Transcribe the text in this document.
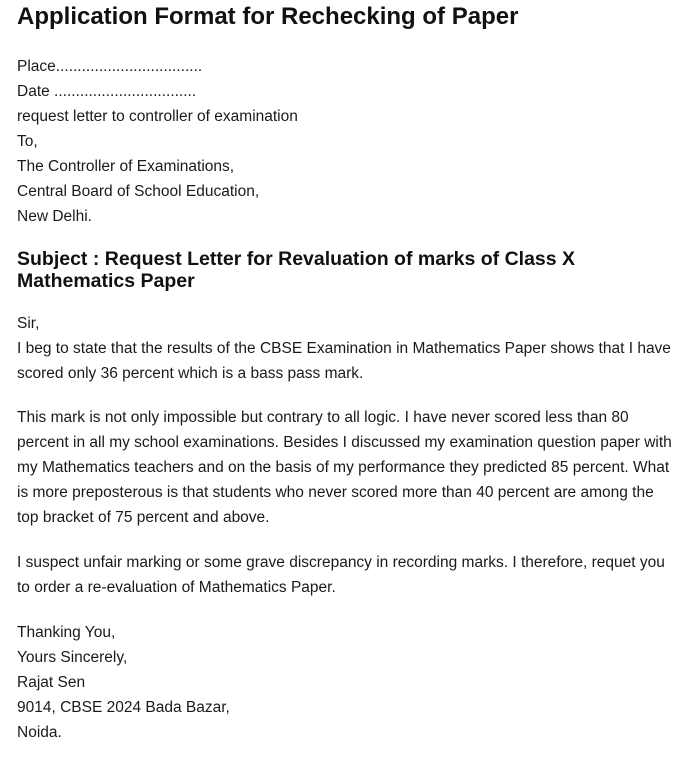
Application Format for Rechecking of Paper
Place..................................
Date .................................
request letter to controller of examination
To,
The Controller of Examinations,
Central Board of School Education,
New Delhi.
Subject : Request Letter for Revaluation of marks of Class X Mathematics Paper
Sir,

I beg to state that the results of the CBSE Examination in Mathematics Paper shows that I have scored only 36 percent which is a bass pass mark.

This mark is not only impossible but contrary to all logic. I have never scored less than 80 percent in all my school examinations. Besides I discussed my examination question paper with my Mathematics teachers and on the basis of my performance they predicted 85 percent. What is more preposterous is that students who never scored more than 40 percent are among the top bracket of 75 percent and above.

I suspect unfair marking or some grave discrepancy in recording marks. I therefore, requet you to order a re-evaluation of Mathematics Paper.

Thanking You,
Yours Sincerely,
Rajat Sen
9014, CBSE 2024 Bada Bazar,
Noida.
